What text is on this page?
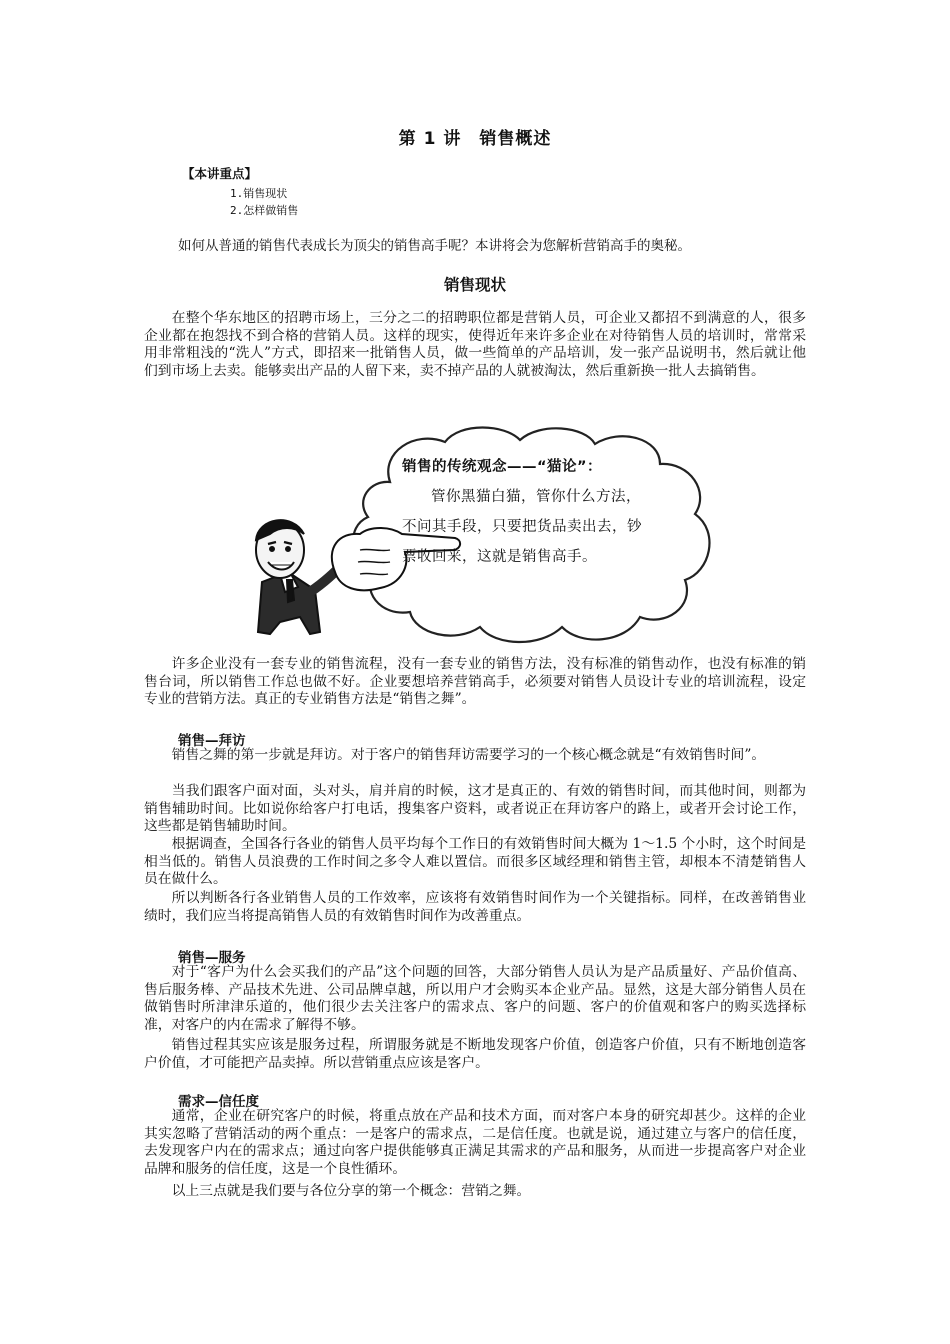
第 1 讲　销售概述
【本讲重点】
1.销售现状
2.怎样做销售
如何从普通的销售代表成长为顶尖的销售高手呢？本讲将会为您解析营销高手的奥秘。
销售现状

在整个华东地区的招聘市场上，三分之二的招聘职位都是营销人员，可企业又都招不到满意的人，很多企业都在抱怨找不到合格的营销人员。这样的现实，使得近年来许多企业在对待销售人员的培训时，常常采用非常粗浅的“洗人”方式，即招来一批销售人员，做一些简单的产品培训，发一张产品说明书，然后就让他们到市场上去卖。能够卖出产品的人留下来，卖不掉产品的人就被淘汰，然后重新换一批人去搞销售。

销售的传统观念——“猫论”：
管你黑猫白猫，管你什么方法，不问其手段，只要把货品卖出去，钞票收回来，这就是销售高手。

许多企业没有一套专业的销售流程，没有一套专业的销售方法，没有标准的销售动作，也没有标准的销售台词，所以销售工作总也做不好。企业要想培养营销高手，必须要对销售人员设计专业的培训流程，设定专业的营销方法。真正的专业销售方法是“销售之舞”。

销售—拜访

销售之舞的第一步就是拜访。对于客户的销售拜访需要学习的一个核心概念就是“有效销售时间”。

当我们跟客户面对面，头对头，肩并肩的时候，这才是真正的、有效的销售时间，而其他时间，则都为销售辅助时间。比如说你给客户打电话，搜集客户资料，或者说正在拜访客户的路上，或者开会讨论工作，这些都是销售辅助时间。

根据调查，全国各行各业的销售人员平均每个工作日的有效销售时间大概为 1～1.5 个小时，这个时间是相当低的。销售人员浪费的工作时间之多令人难以置信。而很多区域经理和销售主管，却根本不清楚销售人员在做什么。

所以判断各行各业销售人员的工作效率，应该将有效销售时间作为一个关键指标。同样，在改善销售业绩时，我们应当将提高销售人员的有效销售时间作为改善重点。

销售—服务

对于“客户为什么会买我们的产品”这个问题的回答，大部分销售人员认为是产品质量好、产品价值高、售后服务棒、产品技术先进、公司品牌卓越，所以用户才会购买本企业产品。显然，这是大部分销售人员在做销售时所津津乐道的，他们很少去关注客户的需求点、客户的问题、客户的价值观和客户的购买选择标准，对客户的内在需求了解得不够。

销售过程其实应该是服务过程，所谓服务就是不断地发现客户价值，创造客户价值，只有不断地创造客户价值，才可能把产品卖掉。所以营销重点应该是客户。

需求—信任度

通常，企业在研究客户的时候，将重点放在产品和技术方面，而对客户本身的研究却甚少。这样的企业其实忽略了营销活动的两个重点：一是客户的需求点，二是信任度。也就是说，通过建立与客户的信任度，去发现客户内在的需求点；通过向客户提供能够真正满足其需求的产品和服务，从而进一步提高客户对企业品牌和服务的信任度，这是一个良性循环。

以上三点就是我们要与各位分享的第一个概念：营销之舞。
